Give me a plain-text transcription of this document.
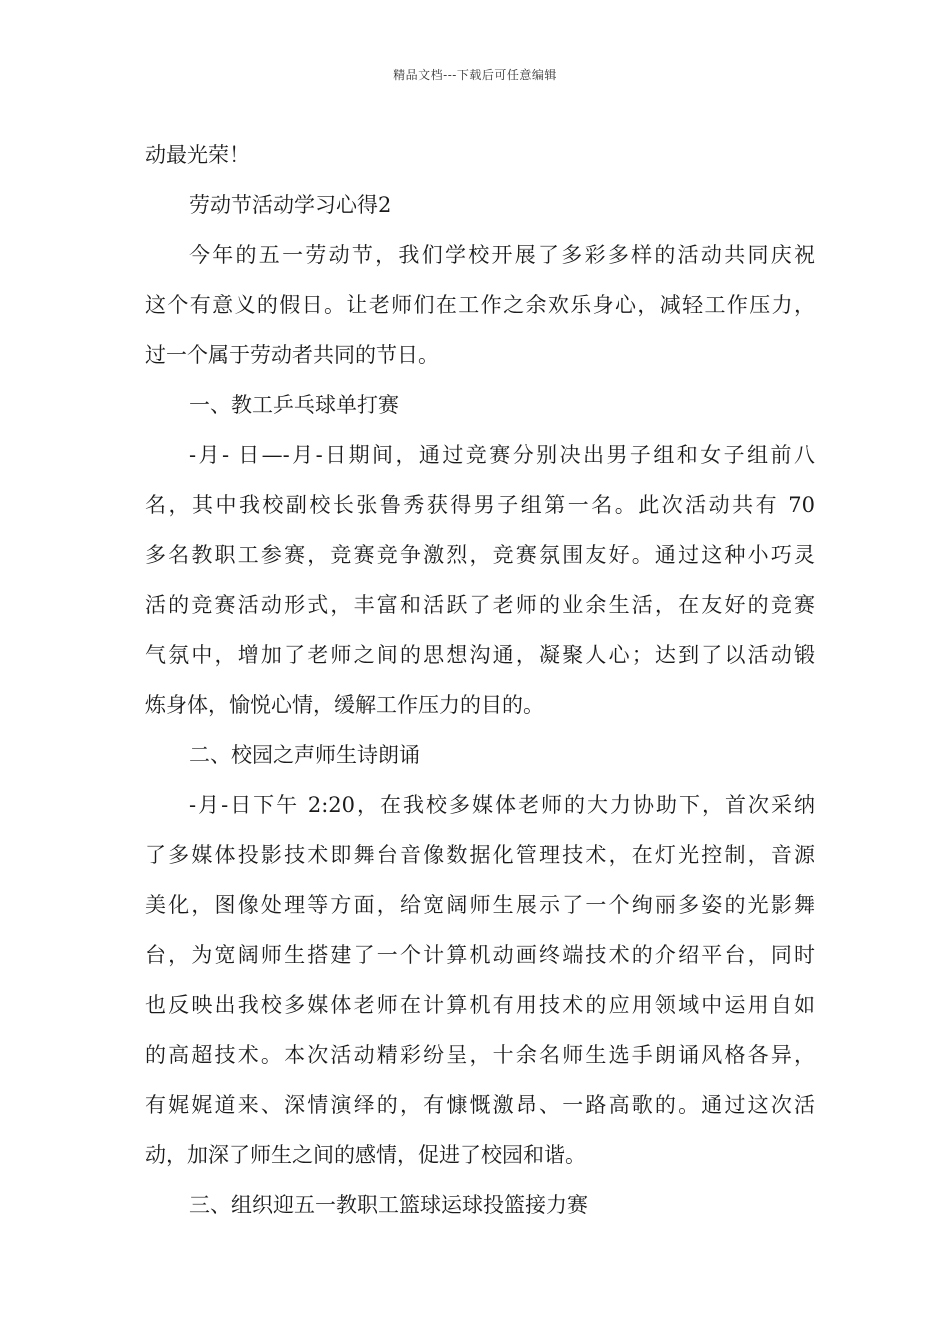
精品文档---下载后可任意编辑
动最光荣！
劳动节活动学习心得2
今年的五一劳动节，我们学校开展了多彩多样的活动共同庆祝
这个有意义的假日。让老师们在工作之余欢乐身心，减轻工作压力，
过一个属于劳动者共同的节日。
一、教工乒乓球单打赛
-月- 日—-月-日期间，通过竞赛分别决出男子组和女子组前八
名，其中我校副校长张鲁秀获得男子组第一名。此次活动共有 70
多名教职工参赛，竞赛竞争激烈，竞赛氛围友好。通过这种小巧灵
活的竞赛活动形式，丰富和活跃了老师的业余生活，在友好的竞赛
气氛中，增加了老师之间的思想沟通，凝聚人心；达到了以活动锻
炼身体，愉悦心情，缓解工作压力的目的。
二、校园之声师生诗朗诵
-月-日下午 2:20，在我校多媒体老师的大力协助下，首次采纳
了多媒体投影技术即舞台音像数据化管理技术，在灯光控制，音源
美化，图像处理等方面，给宽阔师生展示了一个绚丽多姿的光影舞
台，为宽阔师生搭建了一个计算机动画终端技术的介绍平台，同时
也反映出我校多媒体老师在计算机有用技术的应用领域中运用自如
的高超技术。本次活动精彩纷呈，十余名师生选手朗诵风格各异，
有娓娓道来、深情演绎的，有慷慨激昂、一路高歌的。通过这次活
动，加深了师生之间的感情，促进了校园和谐。
三、组织迎五一教职工篮球运球投篮接力赛
